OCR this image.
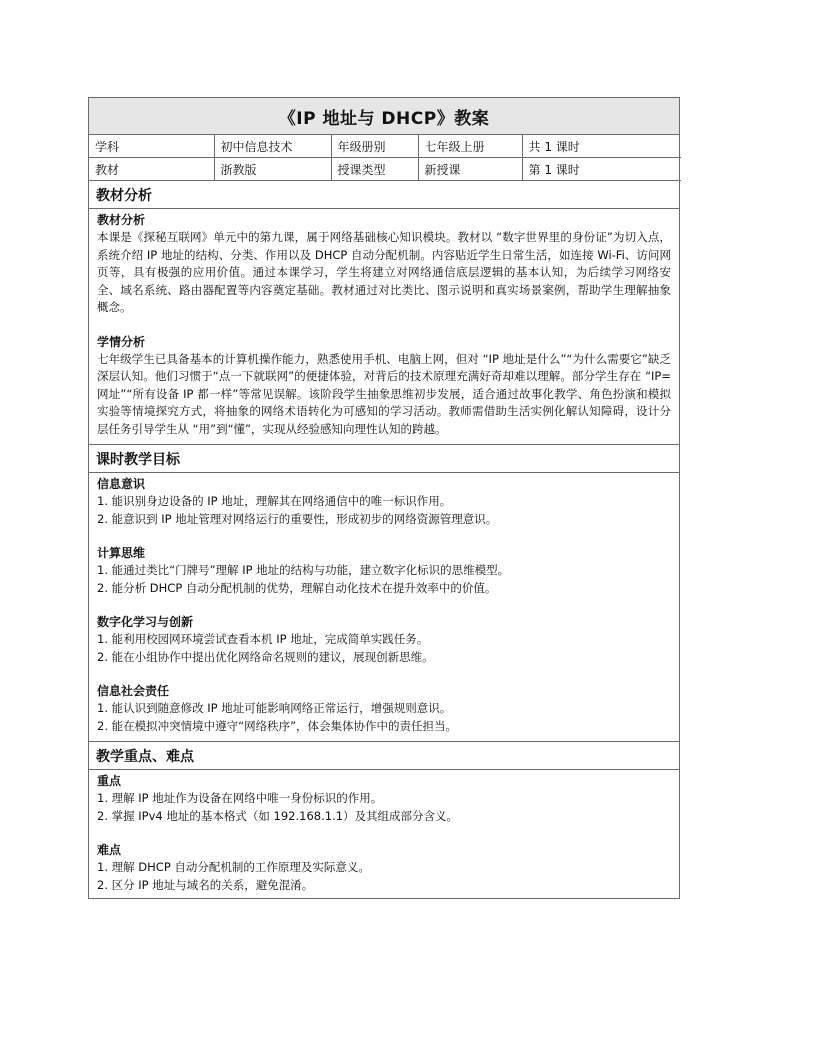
《IP 地址与 DHCP》教案
学科	初中信息技术	年级册别	七年级上册	共 1 课时
教材	浙教版	授课类型	新授课	第 1 课时
教材分析
教材分析
本课是《探秘互联网》单元中的第九课，属于网络基础核心知识模块。教材以 “数字世界里的身份证”为切入点，系统介绍 IP 地址的结构、分类、作用以及 DHCP 自动分配机制。内容贴近学生日常生活，如连接 Wi-Fi、访问网页等，具有极强的应用价值。通过本课学习，学生将建立对网络通信底层逻辑的基本认知，为后续学习网络安全、域名系统、路由器配置等内容奠定基础。教材通过对比类比、图示说明和真实场景案例，帮助学生理解抽象概念。
学情分析
七年级学生已具备基本的计算机操作能力，熟悉使用手机、电脑上网，但对 “IP 地址是什么”“为什么需要它”缺乏深层认知。他们习惯于“点一下就联网”的便捷体验，对背后的技术原理充满好奇却难以理解。部分学生存在 “IP=网址”“所有设备 IP 都一样”等常见误解。该阶段学生抽象思维初步发展，适合通过故事化教学、角色扮演和模拟实验等情境探究方式，将抽象的网络术语转化为可感知的学习活动。教师需借助生活实例化解认知障碍，设计分层任务引导学生从 “用”到“懂”，实现从经验感知向理性认知的跨越。
课时教学目标
信息意识
1. 能识别身边设备的 IP 地址，理解其在网络通信中的唯一标识作用。
2. 能意识到 IP 地址管理对网络运行的重要性，形成初步的网络资源管理意识。
计算思维
1. 能通过类比“门牌号”理解 IP 地址的结构与功能，建立数字化标识的思维模型。
2. 能分析 DHCP 自动分配机制的优势，理解自动化技术在提升效率中的价值。
数字化学习与创新
1. 能利用校园网环境尝试查看本机 IP 地址，完成简单实践任务。
2. 能在小组协作中提出优化网络命名规则的建议，展现创新思维。
信息社会责任
1. 能认识到随意修改 IP 地址可能影响网络正常运行，增强规则意识。
2. 能在模拟冲突情境中遵守“网络秩序”，体会集体协作中的责任担当。
教学重点、难点
重点
1. 理解 IP 地址作为设备在网络中唯一身份标识的作用。
2. 掌握 IPv4 地址的基本格式（如 192.168.1.1）及其组成部分含义。
难点
1. 理解 DHCP 自动分配机制的工作原理及实际意义。
2. 区分 IP 地址与域名的关系，避免混淆。
